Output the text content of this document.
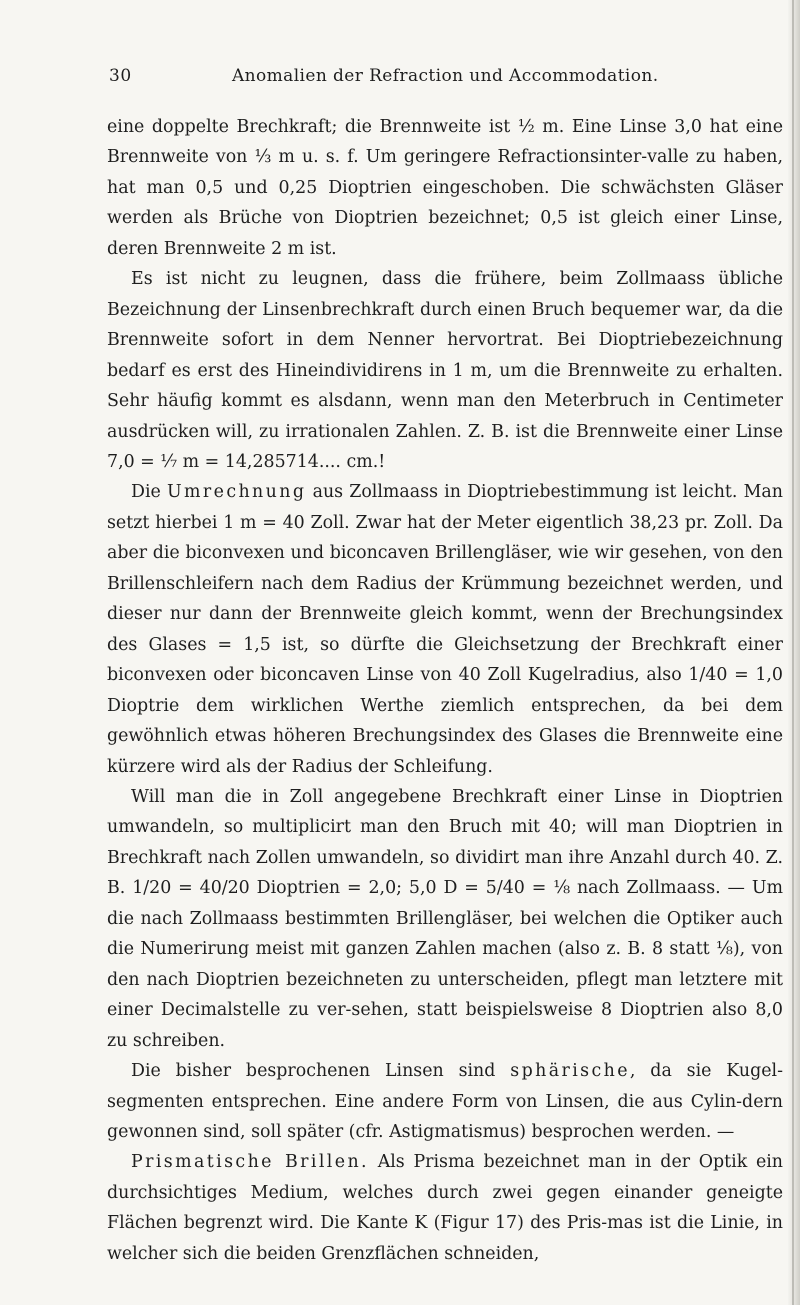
30	Anomalien der Refraction und Accommodation.

eine doppelte Brechkraft; die Brennweite ist ½ m. Eine Linse 3,0 hat eine Brennweite von ⅓ m u. s. f. Um geringere Refractionsinter-valle zu haben, hat man 0,5 und 0,25 Dioptrien eingeschoben. Die schwächsten Gläser werden als Brüche von Dioptrien bezeichnet; 0,5 ist gleich einer Linse, deren Brennweite 2 m ist.

Es ist nicht zu leugnen, dass die frühere, beim Zollmaass übliche Bezeichnung der Linsenbrechkraft durch einen Bruch bequemer war, da die Brennweite sofort in dem Nenner hervortrat. Bei Dioptriebezeichnung bedarf es erst des Hineindividirens in 1 m, um die Brennweite zu erhalten. Sehr häufig kommt es alsdann, wenn man den Meterbruch in Centimeter ausdrücken will, zu irrationalen Zahlen. Z. B. ist die Brennweite einer Linse 7,0 = ⅐ m = 14,285714.... cm.!

Die Umrechnung aus Zollmaass in Dioptriebestimmung ist leicht. Man setzt hierbei 1 m = 40 Zoll. Zwar hat der Meter eigentlich 38,23 pr. Zoll. Da aber die biconvexen und biconcaven Brillengläser, wie wir gesehen, von den Brillenschleifern nach dem Radius der Krümmung bezeichnet werden, und dieser nur dann der Brennweite gleich kommt, wenn der Brechungsindex des Glases = 1,5 ist, so dürfte die Gleichsetzung der Brechkraft einer biconvexen oder biconcaven Linse von 40 Zoll Kugelradius, also 1/40 = 1,0 Dioptrie dem wirklichen Werthe ziemlich entsprechen, da bei dem gewöhnlich etwas höheren Brechungsindex des Glases die Brennweite eine kürzere wird als der Radius der Schleifung.

Will man die in Zoll angegebene Brechkraft einer Linse in Dioptrien umwandeln, so multiplicirt man den Bruch mit 40; will man Dioptrien in Brechkraft nach Zollen umwandeln, so dividirt man ihre Anzahl durch 40. Z. B. 1/20 = 40/20 Dioptrien = 2,0; 5,0 D = 5/40 = ⅛ nach Zollmaass. — Um die nach Zollmaass bestimmten Brillengläser, bei welchen die Optiker auch die Numerirung meist mit ganzen Zahlen machen (also z. B. 8 statt ⅛), von den nach Dioptrien bezeichneten zu unterscheiden, pflegt man letztere mit einer Decimalstelle zu ver-sehen, statt beispielsweise 8 Dioptrien also 8,0 zu schreiben.

Die bisher besprochenen Linsen sind sphärische, da sie Kugel-segmenten entsprechen. Eine andere Form von Linsen, die aus Cylin-dern gewonnen sind, soll später (cfr. Astigmatismus) besprochen werden. —

Prismatische Brillen. Als Prisma bezeichnet man in der Optik ein durchsichtiges Medium, welches durch zwei gegen einander geneigte Flächen begrenzt wird. Die Kante K (Figur 17) des Pris-mas ist die Linie, in welcher sich die beiden Grenzflächen schneiden,
